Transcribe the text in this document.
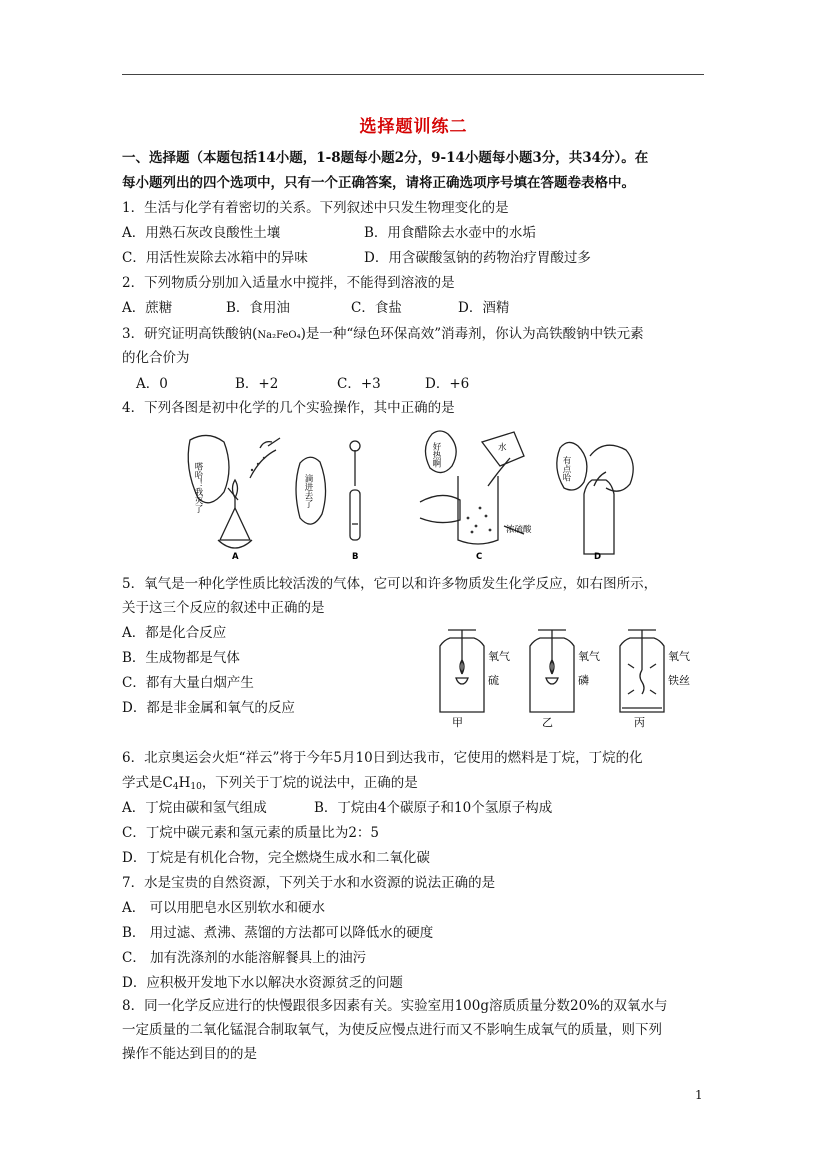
选择题训练二
一、选择题（本题包括14小题，1-8题每小题2分，9-14小题每小题3分，共34分）。在
每小题列出的四个选项中，只有一个正确答案，请将正确选项序号填在答题卷表格中。
1．生活与化学有着密切的关系。下列叙述中只发生物理变化的是
A．用熟石灰改良酸性土壤	B．用食醋除去水壶中的水垢
C．用活性炭除去冰箱中的异味	D．用含碳酸氢钠的药物治疗胃酸过多
2．下列物质分别加入适量水中搅拌，不能得到溶液的是
A．蔗糖	B．食用油	C．食盐	D．酒精
3．研究证明高铁酸钠(Na₂FeO₄)是一种“绿色环保高效”消毒剂，你认为高铁酸钠中铁元素
的化合价为
A．0	B．+2	C．+3	D．+6
4．下列各图是初中化学的几个实验操作，其中正确的是
嗒哈！我灭了	滴进去了
好热啊
有点哈
水
浓硫酸
A	B	C	D
5．氧气是一种化学性质比较活泼的气体，它可以和许多物质发生化学反应，如右图所示，
关于这三个反应的叙述中正确的是
A．都是化合反应
B．生成物都是气体
C．都有大量白烟产生
D．都是非金属和氧气的反应
氧气
硫
氧气
磷
氧气
铁丝
甲	乙	丙
6．北京奥运会火炬“祥云”将于今年5月10日到达我市，它使用的燃料是丁烷，丁烷的化
学式是$C_4H_{10}$，下列关于丁烷的说法中，正确的是
A．丁烷由碳和氢气组成	B．丁烷由4个碳原子和10个氢原子构成
C．丁烷中碳元素和氢元素的质量比为2：5
D．丁烷是有机化合物，完全燃烧生成水和二氧化碳
7．水是宝贵的自然资源，下列关于水和水资源的说法正确的是
A． 可以用肥皂水区别软水和硬水
B． 用过滤、煮沸、蒸馏的方法都可以降低水的硬度
C． 加有洗涤剂的水能溶解餐具上的油污
D．应积极开发地下水以解决水资源贫乏的问题
8．同一化学反应进行的快慢跟很多因素有关。实验室用100g溶质质量分数20%的双氧水与
一定质量的二氧化锰混合制取氧气，为使反应慢点进行而又不影响生成氧气的质量，则下列
操作不能达到目的的是
1
